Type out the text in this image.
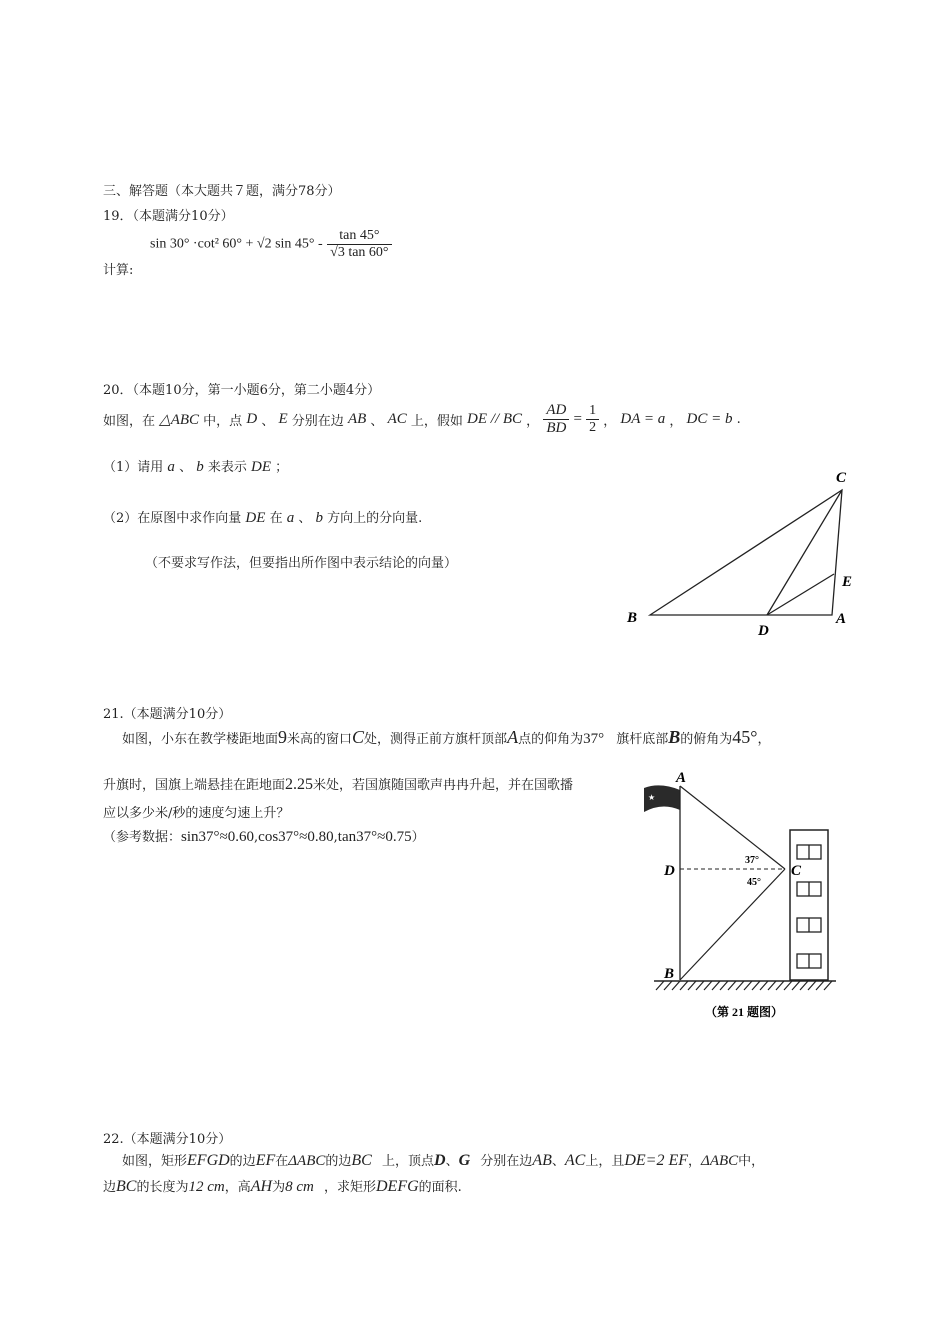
三、解答题（本大题共７题，满分78分）
19．（本题满分10分）
sin 30° ·cot² 60° + √2 $\sin 45^\circ - \frac{\tan 45^\circ}{√3 \tan 60^\circ}$
计算:
20．（本题10分，第一小题6分，第二小题4分）
如图，在 △ABC 中，点 D 、 E 分别在边 AB 、 AC 上，假如 DE // BC ， $\frac{AD}{BD} = \frac{1}{2}$ ， DA = a ， DC = b .
（1）请用 a 、 b 来表示 DE ；
（2）在原图中求作向量 DE 在 a 、 b 方向上的分向量.
（不要求写作法，但要指出所作图中表示结论的向量）
C
E
B
D
A
21.（本题满分10分）
如图，小东在教学楼距地面9米高的窗口C处，测得正前方旗杆顶部A点的仰角为37° 旗杆底部B的俯角为45°，
升旗时，国旗上端悬挂在距地面2.25米处，若国旗随国歌声冉冉升起，并在国歌播
应以多少米/秒的速度匀速上升？
（参考数据：sin37°≈0.60,cos37°≈0.80,tan37°≈0.75）
★
A
D
B
C
37°
45°
（第 21 题图）
22.（本题满分10分）
如图，矩形EFGD的边EF在ΔABC的边BC 上，顶点D、G 分别在边AB、AC上，且DE=2 EF，ΔABC中，
边BC的长度为12 cm，高AH为8 cm ，求矩形DEFG的面积.
